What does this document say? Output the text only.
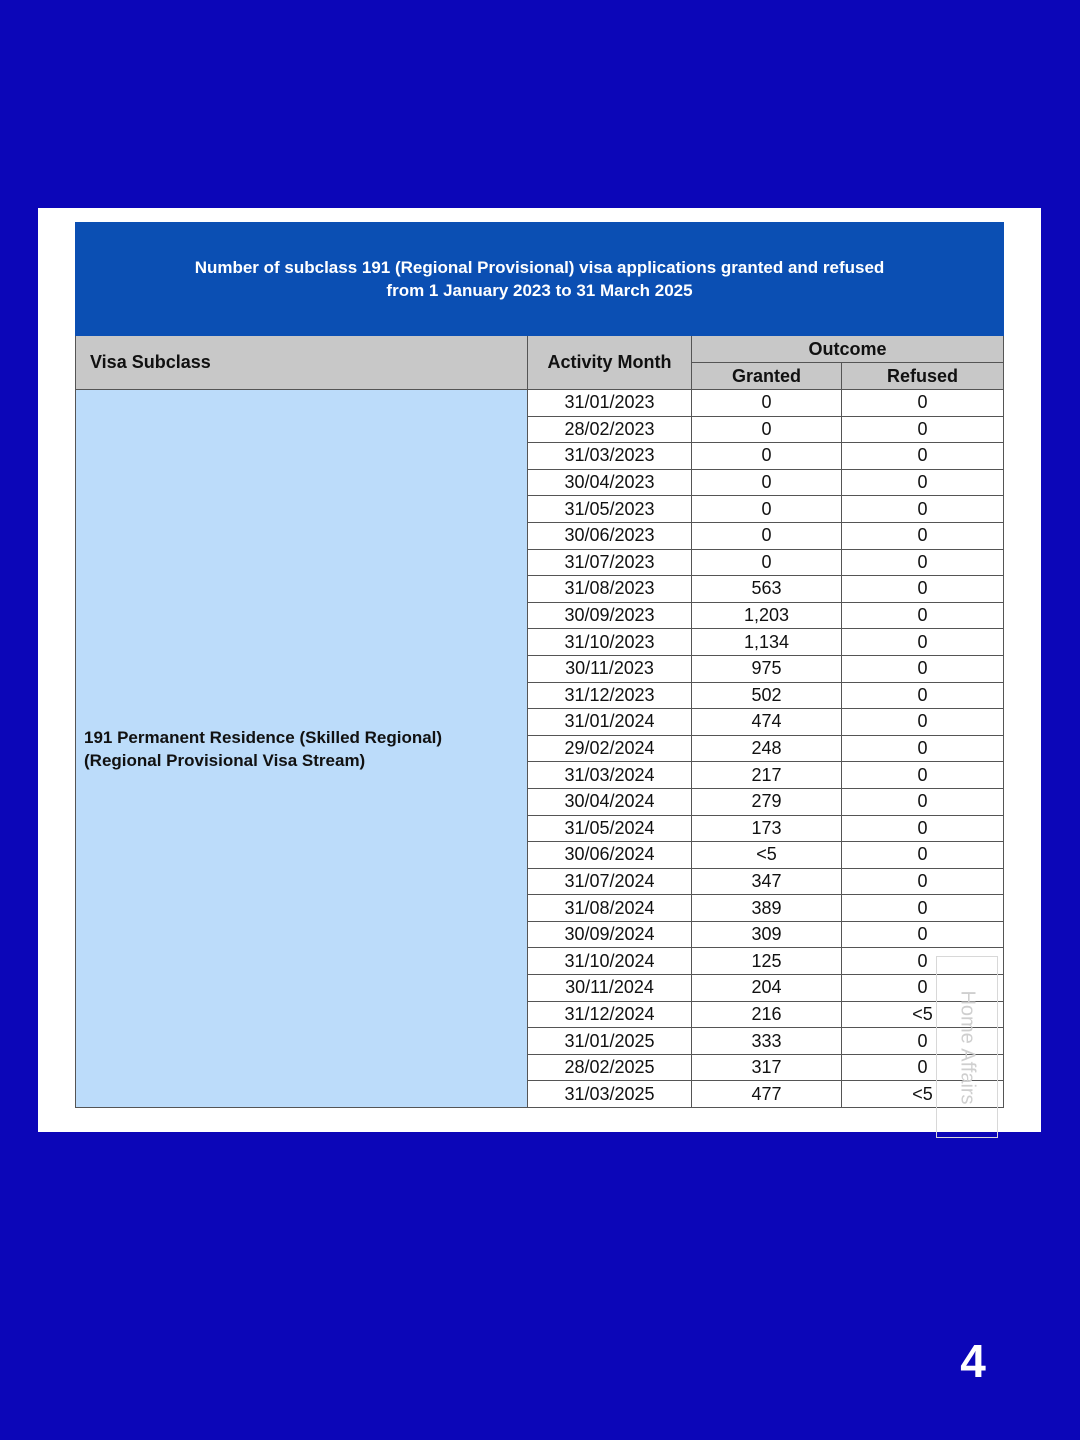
Number of subclass 191 (Regional Provisional) visa applications granted and refused
from 1 January 2023 to 31 March 2025			

Visa Subclass	Activity Month	Outcome	
		Granted	Refused

191 Permanent Residence (Skilled Regional)
(Regional Provisional Visa Stream)	31/01/2023	0	0
	28/02/2023	0	0
	31/03/2023	0	0
	30/04/2023	0	0
	31/05/2023	0	0
	30/06/2023	0	0
	31/07/2023	0	0
	31/08/2023	563	0
	30/09/2023	1,203	0
	31/10/2023	1,134	0
	30/11/2023	975	0
	31/12/2023	502	0
	31/01/2024	474	0
	29/02/2024	248	0
	31/03/2024	217	0
	30/04/2024	279	0
	31/05/2024	173	0
	30/06/2024	<5	0
	31/07/2024	347	0
	31/08/2024	389	0
	30/09/2024	309	0
	31/10/2024	125	0
	30/11/2024	204	0
	31/12/2024	216	<5
	31/01/2025	333	0
	28/02/2025	317	0
	31/03/2025	477	<5 Home Affairs
4
